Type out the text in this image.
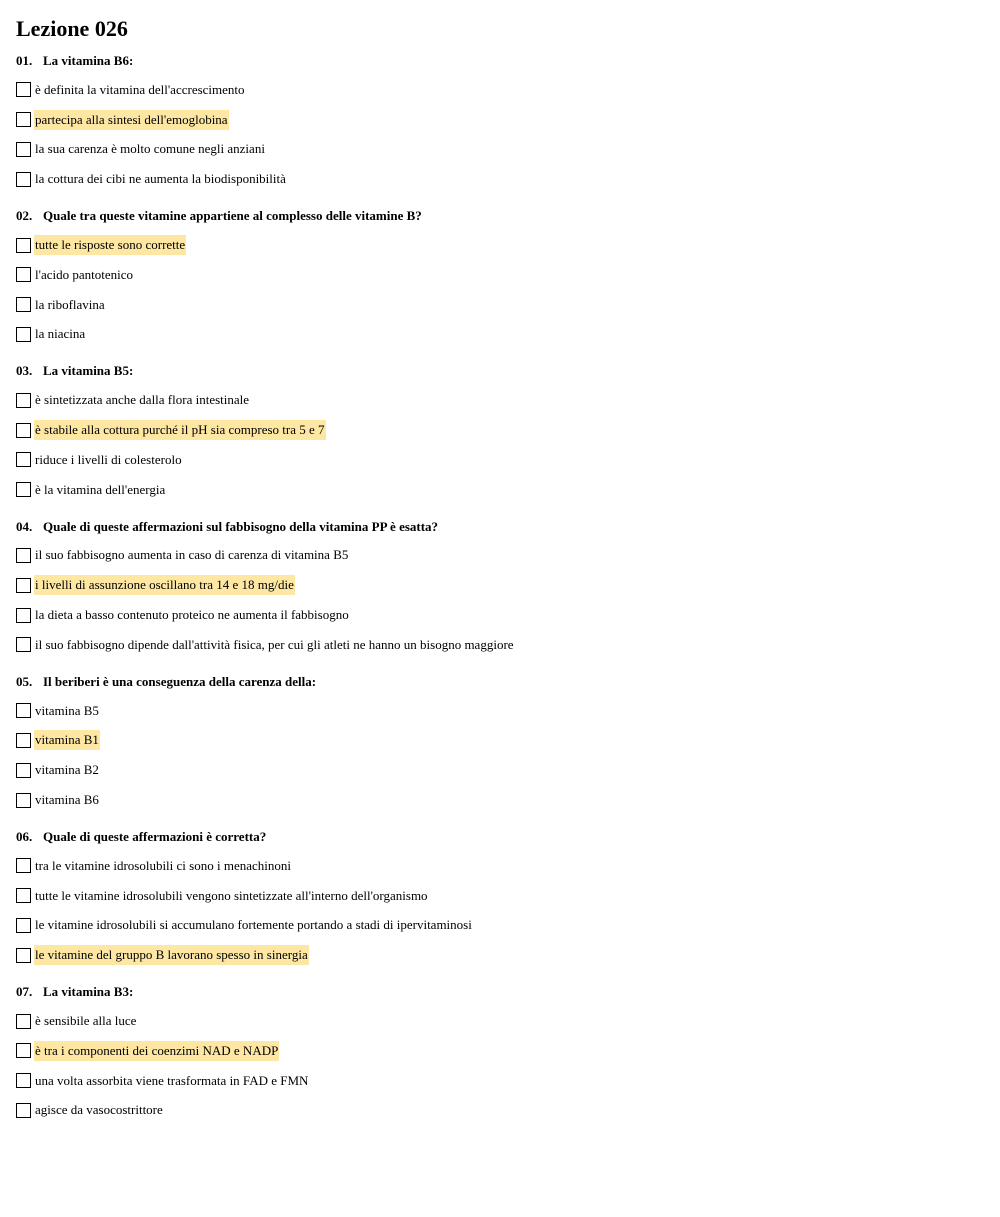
Lezione 026
01. La vitamina B6:
è definita la vitamina dell'accrescimento
partecipa alla sintesi dell'emoglobina
la sua carenza è molto comune negli anziani
la cottura dei cibi ne aumenta la biodisponibilità
02. Quale tra queste vitamine appartiene al complesso delle vitamine B?
tutte le risposte sono corrette
l'acido pantotenico
la riboflavina
la niacina
03. La vitamina B5:
è sintetizzata anche dalla flora intestinale
è stabile alla cottura purché il pH sia compreso tra 5 e 7
riduce i livelli di colesterolo
è la vitamina dell'energia
04. Quale di queste affermazioni sul fabbisogno della vitamina PP è esatta?
il suo fabbisogno aumenta in caso di carenza di vitamina B5
i livelli di assunzione oscillano tra 14 e 18 mg/die
la dieta a basso contenuto proteico ne aumenta il fabbisogno
il suo fabbisogno dipende dall'attività fisica, per cui gli atleti ne hanno un bisogno maggiore
05. Il beriberi è una conseguenza della carenza della:
vitamina B5
vitamina B1
vitamina B2
vitamina B6
06. Quale di queste affermazioni è corretta?
tra le vitamine idrosolubili ci sono i menachinoni
tutte le vitamine idrosolubili vengono sintetizzate all'interno dell'organismo
le vitamine idrosolubili si accumulano fortemente portando a stadi di ipervitaminosi
le vitamine del gruppo B lavorano spesso in sinergia
07. La vitamina B3:
è sensibile alla luce
è tra i componenti dei coenzimi NAD e NADP
una volta assorbita viene trasformata in FAD e FMN
agisce da vasocostrittore
